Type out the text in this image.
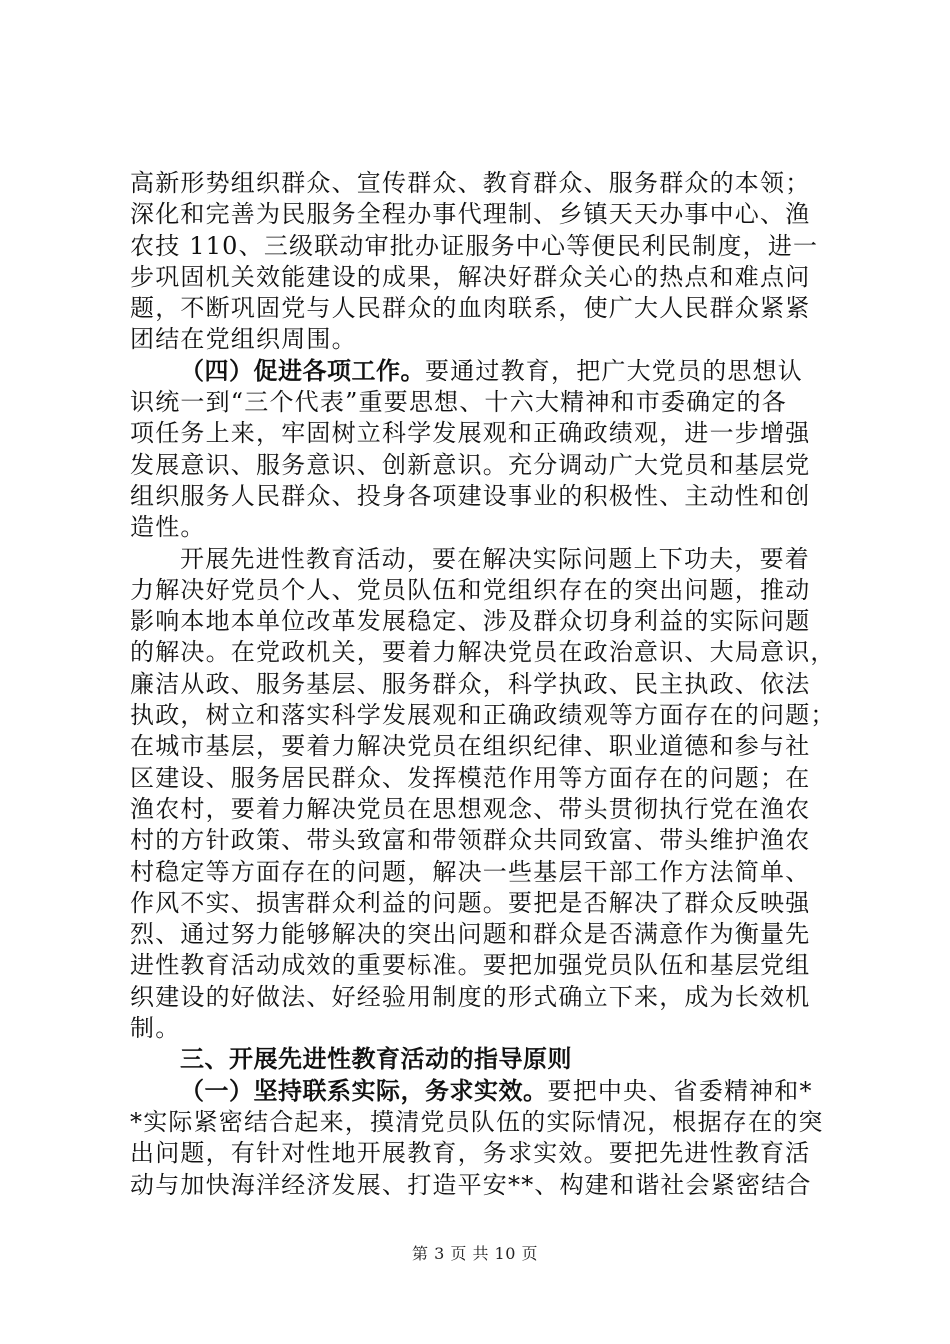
高新形势组织群众、宣传群众、教育群众、服务群众的本领；
深化和完善为民服务全程办事代理制、乡镇天天办事中心、渔
农技 110、三级联动审批办证服务中心等便民利民制度，进一
步巩固机关效能建设的成果，解决好群众关心的热点和难点问
题，不断巩固党与人民群众的血肉联系，使广大人民群众紧紧
团结在党组织周围。
（四）促进各项工作。要通过教育，把广大党员的思想认
识统一到“三个代表”重要思想、十六大精神和市委确定的各
项任务上来，牢固树立科学发展观和正确政绩观，进一步增强
发展意识、服务意识、创新意识。充分调动广大党员和基层党
组织服务人民群众、投身各项建设事业的积极性、主动性和创
造性。
开展先进性教育活动，要在解决实际问题上下功夫，要着
力解决好党员个人、党员队伍和党组织存在的突出问题，推动
影响本地本单位改革发展稳定、涉及群众切身利益的实际问题
的解决。在党政机关，要着力解决党员在政治意识、大局意识，
廉洁从政、服务基层、服务群众，科学执政、民主执政、依法
执政，树立和落实科学发展观和正确政绩观等方面存在的问题；
在城市基层，要着力解决党员在组织纪律、职业道德和参与社
区建设、服务居民群众、发挥模范作用等方面存在的问题；在
渔农村，要着力解决党员在思想观念、带头贯彻执行党在渔农
村的方针政策、带头致富和带领群众共同致富、带头维护渔农
村稳定等方面存在的问题，解决一些基层干部工作方法简单、
作风不实、损害群众利益的问题。要把是否解决了群众反映强
烈、通过努力能够解决的突出问题和群众是否满意作为衡量先
进性教育活动成效的重要标准。要把加强党员队伍和基层党组
织建设的好做法、好经验用制度的形式确立下来，成为长效机
制。
三、开展先进性教育活动的指导原则
（一）坚持联系实际，务求实效。要把中央、省委精神和*
*实际紧密结合起来，摸清党员队伍的实际情况，根据存在的突
出问题，有针对性地开展教育，务求实效。要把先进性教育活
动与加快海洋经济发展、打造平安**、构建和谐社会紧密结合
第 3 页 共 10 页
